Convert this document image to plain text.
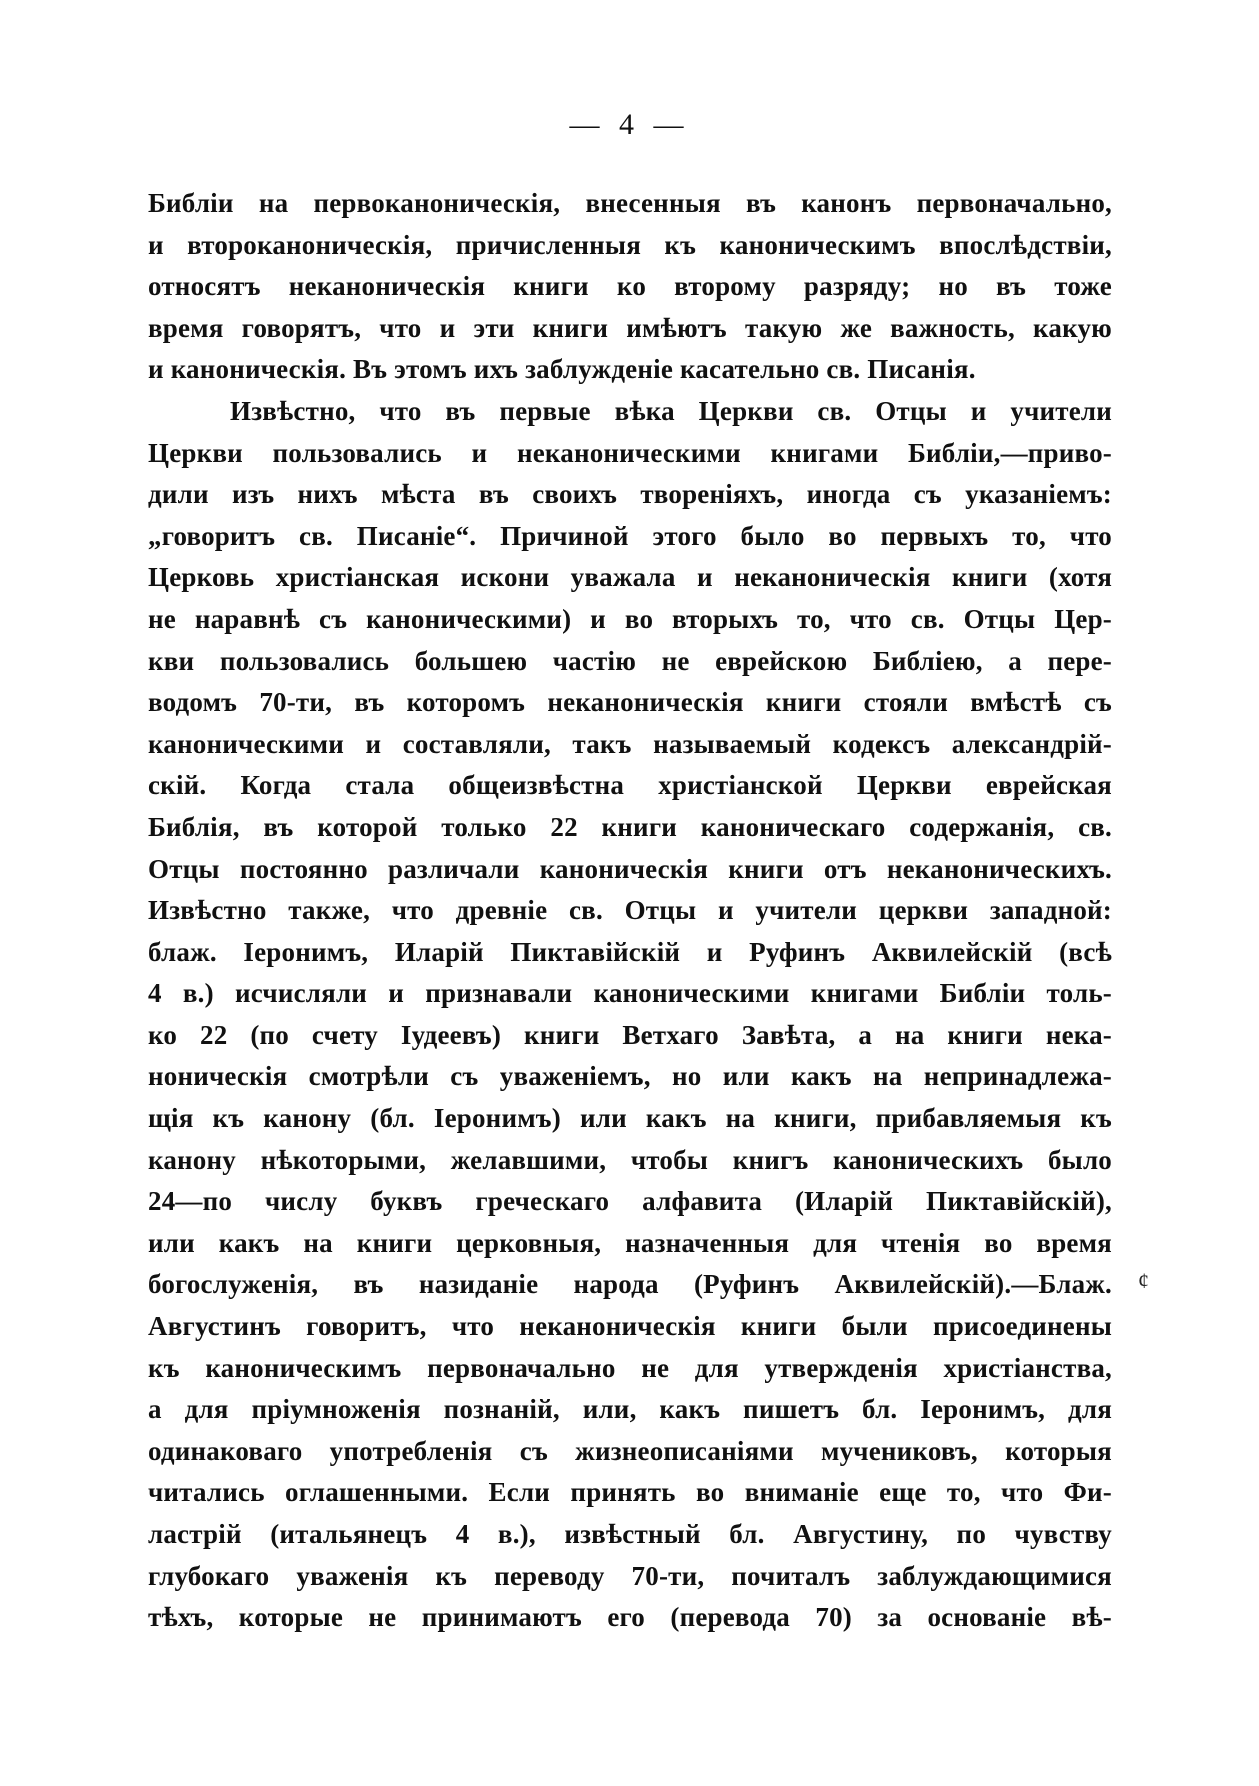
— 4 —
Библіи на первоканоническія, внесенныя въ канонъ первоначально,
и второканоническія, причисленныя къ каноническимъ впослѣдствіи,
относятъ неканоническія книги ко второму разряду; но въ тоже
время говорятъ, что и эти книги имѣютъ такую же важность, какую
и каноническія. Въ этомъ ихъ заблужденіе касательно св. Писанія.
Извѣстно, что въ первые вѣка Церкви св. Отцы и учители
Церкви пользовались и неканоническими книгами Библіи,—приво-
дили изъ нихъ мѣста въ своихъ твореніяхъ, иногда съ указаніемъ:
„говоритъ св. Писаніе“. Причиной этого было во первыхъ то, что
Церковь христіанская искони уважала и неканоническія книги (хотя
не наравнѣ съ каноническими) и во вторыхъ то, что св. Отцы Цер-
кви пользовались большею частію не еврейскою Библіею, а пере-
водомъ 70-ти, въ которомъ неканоническія книги стояли вмѣстѣ съ
каноническими и составляли, такъ называемый кодексъ александрій-
скій. Когда стала общеизвѣстна христіанской Церкви еврейская
Библія, въ которой только 22 книги каноническаго содержанія, св.
Отцы постоянно различали каноническія книги отъ неканоническихъ.
Извѣстно также, что древніе св. Отцы и учители церкви западной:
блаж. Іеронимъ, Иларій Пиктавійскій и Руфинъ Аквилейскій (всѣ
4 в.) исчисляли и признавали каноническими книгами Библіи толь-
ко 22 (по счету Іудеевъ) книги Ветхаго Завѣта, а на книги нека-
ноническія смотрѣли съ уваженіемъ, но или какъ на непринадлежа-
щія къ канону (бл. Іеронимъ) или какъ на книги, прибавляемыя къ
канону нѣкоторыми, желавшими, чтобы книгъ каноническихъ было
24—по числу буквъ греческаго алфавита (Иларій Пиктавійскій),
или какъ на книги церковныя, назначенныя для чтенія во время
богослуженія, въ назиданіе народа (Руфинъ Аквилейскій).—Блаж.
Августинъ говоритъ, что неканоническія книги были присоединены
къ каноническимъ первоначально не для утвержденія христіанства,
а для пріумноженія познаній, или, какъ пишетъ бл. Іеронимъ, для
одинаковаго употребленія съ жизнеописаніями мучениковъ, которыя
читались оглашенными. Если принять во вниманіе еще то, что Фи-
ластрій (итальянецъ 4 в.), извѣстный бл. Августину, по чувству
глубокаго уваженія къ переводу 70-ти, почиталъ заблуждающимися
тѣхъ, которые не принимаютъ его (перевода 70) за основаніе вѣ-
¢
